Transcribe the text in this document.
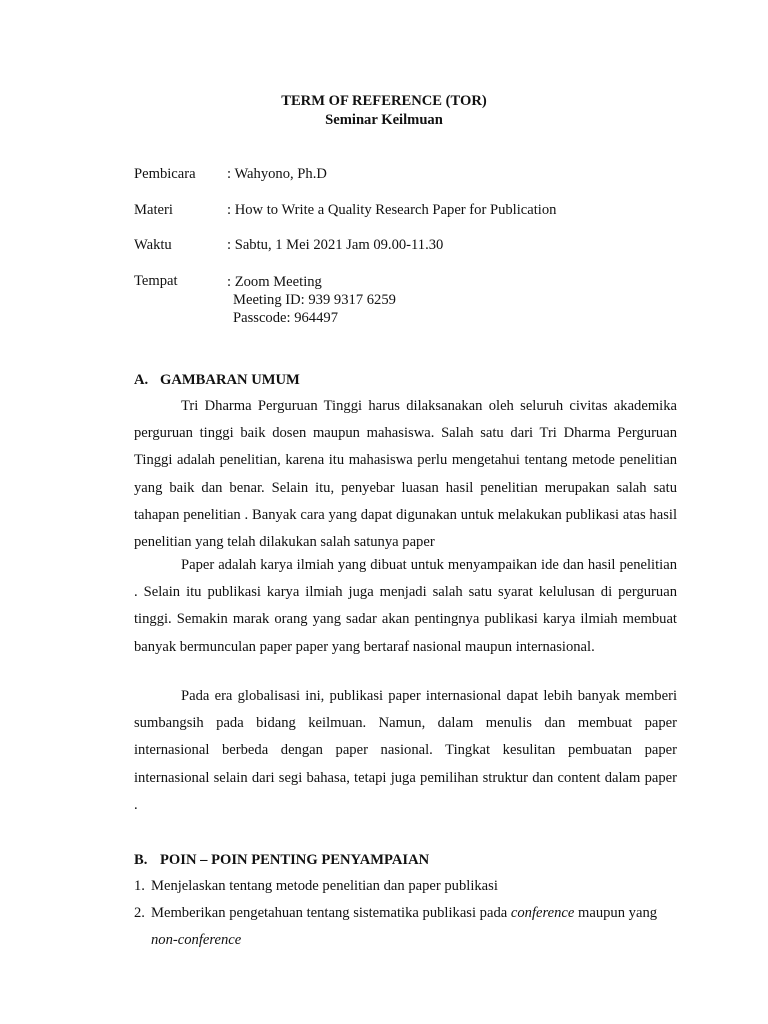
TERM OF REFERENCE (TOR)
Seminar Keilmuan
Pembicara : Wahyono, Ph.D
Materi	: How to Write a Quality Research Paper for Publication
Waktu	: Sabtu, 1 Mei 2021 Jam 09.00-11.30
Tempat	: Zoom Meeting
Meeting ID: 939 9317 6259
Passcode: 964497
A. GAMBARAN UMUM

Tri Dharma Perguruan Tinggi harus dilaksanakan oleh seluruh civitas akademika perguruan tinggi baik dosen maupun mahasiswa. Salah satu dari Tri Dharma Perguruan Tinggi adalah penelitian, karena itu mahasiswa perlu mengetahui tentang metode penelitian yang baik dan benar. Selain itu, penyebar luasan hasil penelitian merupakan salah satu tahapan penelitian . Banyak cara yang dapat digunakan untuk melakukan publikasi atas hasil penelitian yang telah dilakukan salah satunya paper

Paper adalah karya ilmiah yang dibuat untuk menyampaikan ide dan hasil penelitian . Selain itu publikasi karya ilmiah juga menjadi salah satu syarat kelulusan di perguruan tinggi. Semakin marak orang yang sadar akan pentingnya publikasi karya ilmiah membuat banyak bermunculan paper paper yang bertaraf nasional maupun internasional.

Pada era globalisasi ini, publikasi paper internasional dapat lebih banyak memberi sumbangsih pada bidang keilmuan. Namun, dalam menulis dan membuat paper internasional berbeda dengan paper nasional. Tingkat kesulitan pembuatan paper internasional selain dari segi bahasa, tetapi juga pemilihan struktur dan content dalam paper .

B. POIN – POIN PENTING PENYAMPAIAN
1. Menjelaskan tentang metode penelitian dan paper publikasi
2. Memberikan pengetahuan tentang sistematika publikasi pada conference maupun yang
non-conference
